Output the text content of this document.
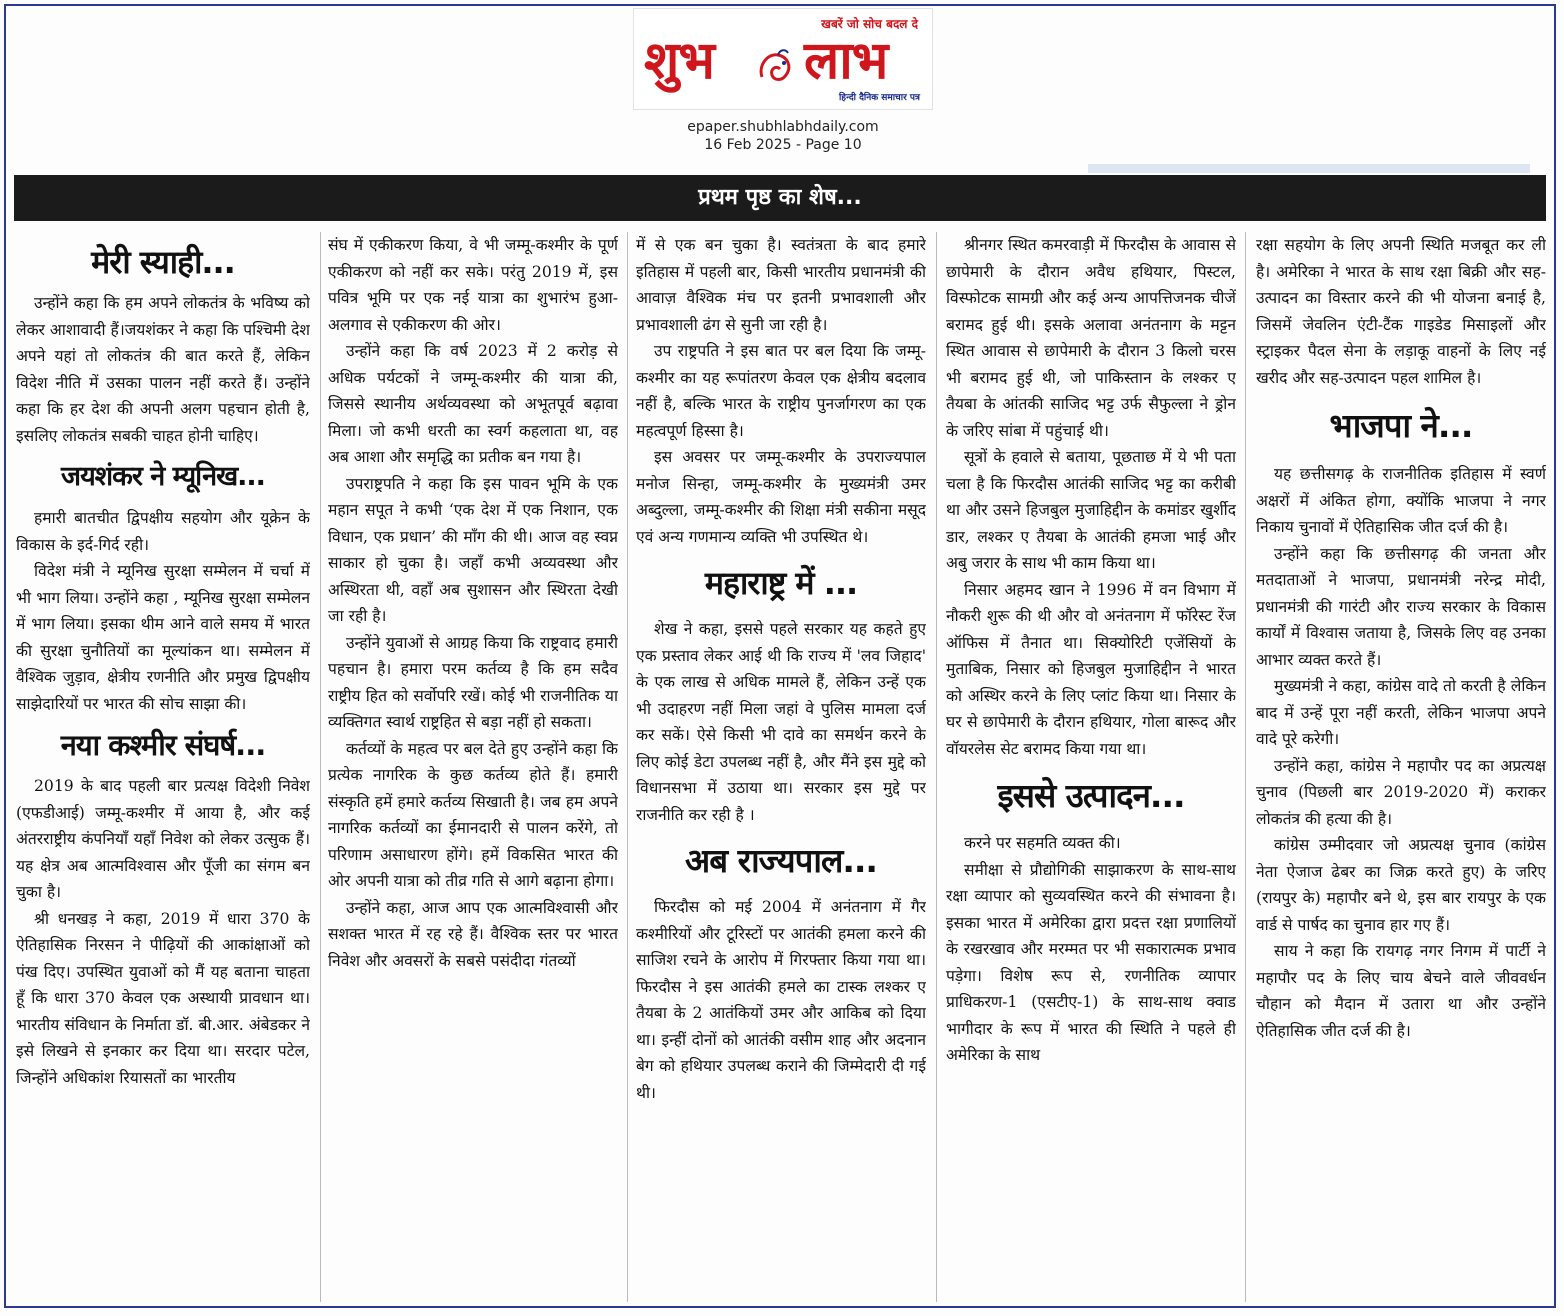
खबरें जो सोच बदल दे
शुभ लाभ
हिन्दी दैनिक समाचार पत्र
epaper.shubhlabhdaily.com
16 Feb 2025 - Page 10
प्रथम पृष्ठ का शेष...
मेरी स्याही...

उन्होंने कहा कि हम अपने लोकतंत्र के भविष्य को लेकर आशावादी हैं।जयशंकर ने कहा कि पश्चिमी देश अपने यहां तो लोकतंत्र की बात करते हैं, लेकिन विदेश नीति में उसका पालन नहीं करते हैं। उन्होंने कहा कि हर देश की अपनी अलग पहचान होती है, इसलिए लोकतंत्र सबकी चाहत होनी चाहिए।

जयशंकर ने म्यूनिख...

हमारी बातचीत द्विपक्षीय सहयोग और यूक्रेन के विकास के इर्द-गिर्द रही।

विदेश मंत्री ने म्यूनिख सुरक्षा सम्मेलन में चर्चा में भी भाग लिया। उन्होंने कहा , म्यूनिख सुरक्षा सम्मेलन में भाग लिया। इसका थीम आने वाले समय में भारत की सुरक्षा चुनौतियों का मूल्यांकन था। सम्मेलन में वैश्विक जुड़ाव, क्षेत्रीय रणनीति और प्रमुख द्विपक्षीय साझेदारियों पर भारत की सोच साझा की।

नया कश्मीर संघर्ष...

2019 के बाद पहली बार प्रत्यक्ष विदेशी निवेश (एफडीआई) जम्मू-कश्मीर में आया है, और कई अंतरराष्ट्रीय कंपनियाँ यहाँ निवेश को लेकर उत्सुक हैं। यह क्षेत्र अब आत्मविश्वास और पूँजी का संगम बन चुका है।

श्री धनखड़ ने कहा, 2019 में धारा 370 के ऐतिहासिक निरसन ने पीढ़ियों की आकांक्षाओं को पंख दिए। उपस्थित युवाओं को मैं यह बताना चाहता हूँ कि धारा 370 केवल एक अस्थायी प्रावधान था। भारतीय संविधान के निर्माता डॉ. बी.आर. अंबेडकर ने इसे लिखने से इनकार कर दिया था। सरदार पटेल, जिन्होंने अधिकांश रियासतों का भारतीय

संघ में एकीकरण किया, वे भी जम्मू-कश्मीर के पूर्ण एकीकरण को नहीं कर सके। परंतु 2019 में, इस पवित्र भूमि पर एक नई यात्रा का शुभारंभ हुआ-अलगाव से एकीकरण की ओर।

उन्होंने कहा कि वर्ष 2023 में 2 करोड़ से अधिक पर्यटकों ने जम्मू-कश्मीर की यात्रा की, जिससे स्थानीय अर्थव्यवस्था को अभूतपूर्व बढ़ावा मिला। जो कभी धरती का स्वर्ग कहलाता था, वह अब आशा और समृद्धि का प्रतीक बन गया है।

उपराष्ट्रपति ने कहा कि इस पावन भूमि के एक महान सपूत ने कभी ‘एक देश में एक निशान, एक विधान, एक प्रधान’ की माँग की थी। आज वह स्वप्न साकार हो चुका है। जहाँ कभी अव्यवस्था और अस्थिरता थी, वहाँ अब सुशासन और स्थिरता देखी जा रही है।

उन्होंने युवाओं से आग्रह किया कि राष्ट्रवाद हमारी पहचान है। हमारा परम कर्तव्य है कि हम सदैव राष्ट्रीय हित को सर्वोपरि रखें। कोई भी राजनीतिक या व्यक्तिगत स्वार्थ राष्ट्रहित से बड़ा नहीं हो सकता।

कर्तव्यों के महत्व पर बल देते हुए उन्होंने कहा कि प्रत्येक नागरिक के कुछ कर्तव्य होते हैं। हमारी संस्कृति हमें हमारे कर्तव्य सिखाती है। जब हम अपने नागरिक कर्तव्यों का ईमानदारी से पालन करेंगे, तो परिणाम असाधारण होंगे। हमें विकसित भारत की ओर अपनी यात्रा को तीव्र गति से आगे बढ़ाना होगा।

उन्होंने कहा, आज आप एक आत्मविश्वासी और सशक्त भारत में रह रहे हैं। वैश्विक स्तर पर भारत निवेश और अवसरों के सबसे पसंदीदा गंतव्यों

में से एक बन चुका है। स्वतंत्रता के बाद हमारे इतिहास में पहली बार, किसी भारतीय प्रधानमंत्री की आवाज़ वैश्विक मंच पर इतनी प्रभावशाली और प्रभावशाली ढंग से सुनी जा रही है।

उप राष्ट्रपति ने इस बात पर बल दिया कि जम्मू-कश्मीर का यह रूपांतरण केवल एक क्षेत्रीय बदलाव नहीं है, बल्कि भारत के राष्ट्रीय पुनर्जागरण का एक महत्वपूर्ण हिस्सा है।

इस अवसर पर जम्मू-कश्मीर के उपराज्यपाल मनोज सिन्हा, जम्मू-कश्मीर के मुख्यमंत्री उमर अब्दुल्ला, जम्मू-कश्मीर की शिक्षा मंत्री सकीना मसूद एवं अन्य गणमान्य व्यक्ति भी उपस्थित थे।

महाराष्ट्र में ...

शेख ने कहा, इससे पहले सरकार यह कहते हुए एक प्रस्ताव लेकर आई थी कि राज्य में 'लव जिहाद' के एक लाख से अधिक मामले हैं, लेकिन उन्हें एक भी उदाहरण नहीं मिला जहां वे पुलिस मामला दर्ज कर सकें। ऐसे किसी भी दावे का समर्थन करने के लिए कोई डेटा उपलब्ध नहीं है, और मैंने इस मुद्दे को विधानसभा में उठाया था। सरकार इस मुद्दे पर राजनीति कर रही है ।

अब राज्यपाल...

फिरदौस को मई 2004 में अनंतनाग में गैर कश्मीरियों और टूरिस्टों पर आतंकी हमला करने की साजिश रचने के आरोप में गिरफ्तार किया गया था। फिरदौस ने इस आतंकी हमले का टास्क लश्कर ए तैयबा के 2 आतंकियों उमर और आकिब को दिया था। इन्हीं दोनों को आतंकी वसीम शाह और अदनान बेग को हथियार उपलब्ध कराने की जिम्मेदारी दी गई थी।

श्रीनगर स्थित कमरवाड़ी में फिरदौस के आवास से छापेमारी के दौरान अवैध हथियार, पिस्टल, विस्फोटक सामग्री और कई अन्य आपत्तिजनक चीजें बरामद हुई थी। इसके अलावा अनंतनाग के मट्टन स्थित आवास से छापेमारी के दौरान 3 किलो चरस भी बरामद हुई थी, जो पाकिस्तान के लश्कर ए तैयबा के आंतकी साजिद भट्ट उर्फ सैफुल्ला ने ड्रोन के जरिए सांबा में पहुंचाई थी।

सूत्रों के हवाले से बताया, पूछताछ में ये भी पता चला है कि फिरदौस आतंकी साजिद भट्ट का करीबी था और उसने हिजबुल मुजाहिद्दीन के कमांडर खुर्शीद डार, लश्कर ए तैयबा के आतंकी हमजा भाई और अबु जरार के साथ भी काम किया था।

निसार अहमद खान ने 1996 में वन विभाग में नौकरी शुरू की थी और वो अनंतनाग में फॉरेस्ट रेंज ऑफिस में तैनात था। सिक्योरिटी एजेंसियों के मुताबिक, निसार को हिजबुल मुजाहिद्दीन ने भारत को अस्थिर करने के लिए प्लांट किया था। निसार के घर से छापेमारी के दौरान हथियार, गोला बारूद और वॉयरलेस सेट बरामद किया गया था।

इससे उत्पादन...

करने पर सहमति व्यक्त की।

समीक्षा से प्रौद्योगिकी साझाकरण के साथ-साथ रक्षा व्यापार को सुव्यवस्थित करने की संभावना है। इसका भारत में अमेरिका द्वारा प्रदत्त रक्षा प्रणालियों के रखरखाव और मरम्मत पर भी सकारात्मक प्रभाव पड़ेगा। विशेष रूप से, रणनीतिक व्यापार प्राधिकरण-1 (एसटीए-1) के साथ-साथ क्वाड भागीदार के रूप में भारत की स्थिति ने पहले ही अमेरिका के साथ

रक्षा सहयोग के लिए अपनी स्थिति मजबूत कर ली है। अमेरिका ने भारत के साथ रक्षा बिक्री और सह-उत्पादन का विस्तार करने की भी योजना बनाई है, जिसमें जेवलिन एंटी-टैंक गाइडेड मिसाइलों और स्ट्राइकर पैदल सेना के लड़ाकू वाहनों के लिए नई खरीद और सह-उत्पादन पहल शामिल है।

भाजपा ने...

यह छत्तीसगढ़ के राजनीतिक इतिहास में स्वर्ण अक्षरों में अंकित होगा, क्योंकि भाजपा ने नगर निकाय चुनावों में ऐतिहासिक जीत दर्ज की है।

उन्होंने कहा कि छत्तीसगढ़ की जनता और मतदाताओं ने भाजपा, प्रधानमंत्री नरेन्द्र मोदी, प्रधानमंत्री की गारंटी और राज्य सरकार के विकास कार्यों में विश्वास जताया है, जिसके लिए वह उनका आभार व्यक्त करते हैं।

मुख्यमंत्री ने कहा, कांग्रेस वादे तो करती है लेकिन बाद में उन्हें पूरा नहीं करती, लेकिन भाजपा अपने वादे पूरे करेगी।

उन्होंने कहा, कांग्रेस ने महापौर पद का अप्रत्यक्ष चुनाव (पिछली बार 2019-2020 में) कराकर लोकतंत्र की हत्या की है।

कांग्रेस उम्मीदवार जो अप्रत्यक्ष चुनाव (कांग्रेस नेता ऐजाज ढेबर का जिक्र करते हुए) के जरिए (रायपुर के) महापौर बने थे, इस बार रायपुर के एक वार्ड से पार्षद का चुनाव हार गए हैं।

साय ने कहा कि रायगढ़ नगर निगम में पार्टी ने महापौर पद के लिए चाय बेचने वाले जीववर्धन चौहान को मैदान में उतारा था और उन्होंने ऐतिहासिक जीत दर्ज की है।
